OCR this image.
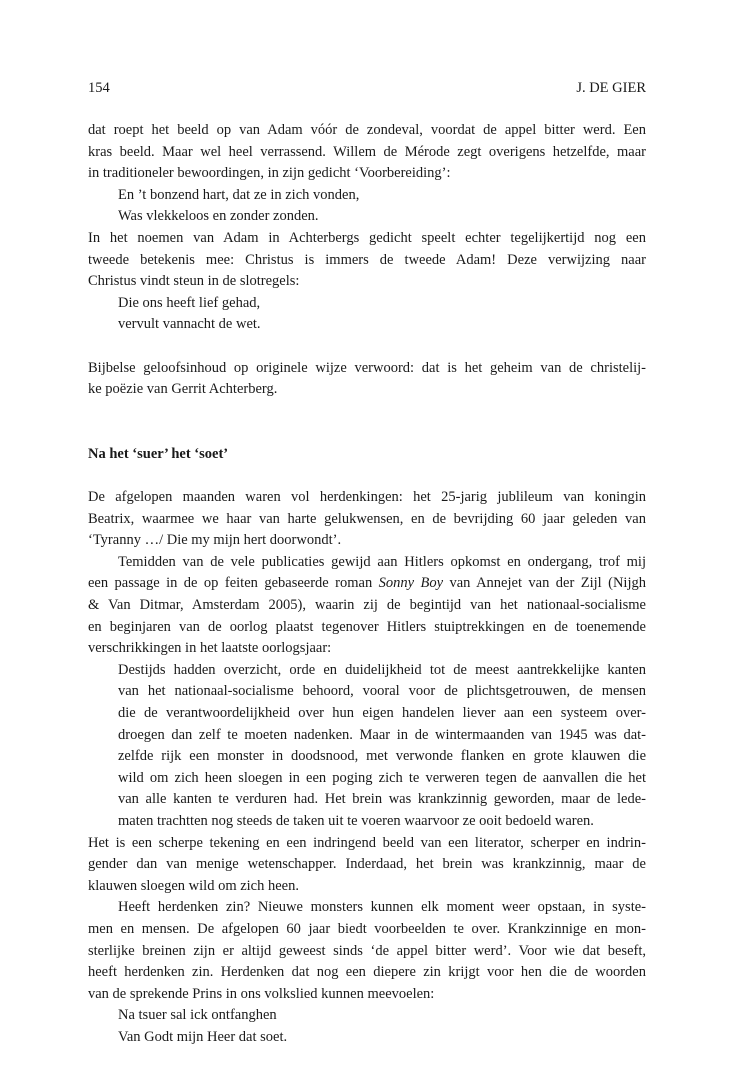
154	J. DE GIER
dat roept het beeld op van Adam vóór de zondeval, voordat de appel bitter werd. Een
kras beeld. Maar wel heel verrassend. Willem de Mérode zegt overigens hetzelfde, maar
in traditioneler bewoordingen, in zijn gedicht ‘Voorbereiding’:
En ’t bonzend hart, dat ze in zich vonden,
Was vlekkeloos en zonder zonden.
In het noemen van Adam in Achterbergs gedicht speelt echter tegelijkertijd nog een
tweede betekenis mee: Christus is immers de tweede Adam! Deze verwijzing naar
Christus vindt steun in de slotregels:
Die ons heeft lief gehad,
vervult vannacht de wet.
Bijbelse geloofsinhoud op originele wijze verwoord: dat is het geheim van de christelij-
ke poëzie van Gerrit Achterberg.
Na het ‘suer’ het ‘soet’
De afgelopen maanden waren vol herdenkingen: het 25-jarig jublileum van koningin
Beatrix, waarmee we haar van harte gelukwensen, en de bevrijding 60 jaar geleden van
‘Tyranny …/ Die my mijn hert doorwondt’.
Temidden van de vele publicaties gewijd aan Hitlers opkomst en ondergang, trof mij
een passage in de op feiten gebaseerde roman Sonny Boy van Annejet van der Zijl (Nijgh
& Van Ditmar, Amsterdam 2005), waarin zij de begintijd van het nationaal-socialisme
en beginjaren van de oorlog plaatst tegenover Hitlers stuiptrekkingen en de toenemende
verschrikkingen in het laatste oorlogsjaar:
Destijds hadden overzicht, orde en duidelijkheid tot de meest aantrekkelijke kanten
van het nationaal-socialisme behoord, vooral voor de plichtsgetrouwen, de mensen
die de verantwoordelijkheid over hun eigen handelen liever aan een systeem over-
droegen dan zelf te moeten nadenken. Maar in de wintermaanden van 1945 was dat-
zelfde rijk een monster in doodsnood, met verwonde flanken en grote klauwen die
wild om zich heen sloegen in een poging zich te verweren tegen de aanvallen die het
van alle kanten te verduren had. Het brein was krankzinnig geworden, maar de lede-
maten trachtten nog steeds de taken uit te voeren waarvoor ze ooit bedoeld waren.
Het is een scherpe tekening en een indringend beeld van een literator, scherper en indrin-
gender dan van menige wetenschapper. Inderdaad, het brein was krankzinnig, maar de
klauwen sloegen wild om zich heen.
Heeft herdenken zin? Nieuwe monsters kunnen elk moment weer opstaan, in syste-
men en mensen. De afgelopen 60 jaar biedt voorbeelden te over. Krankzinnige en mon-
sterlijke breinen zijn er altijd geweest sinds ‘de appel bitter werd’. Voor wie dat beseft,
heeft herdenken zin. Herdenken dat nog een diepere zin krijgt voor hen die de woorden
van de sprekende Prins in ons volkslied kunnen meevoelen:
Na tsuer sal ick ontfanghen
Van Godt mijn Heer dat soet.
